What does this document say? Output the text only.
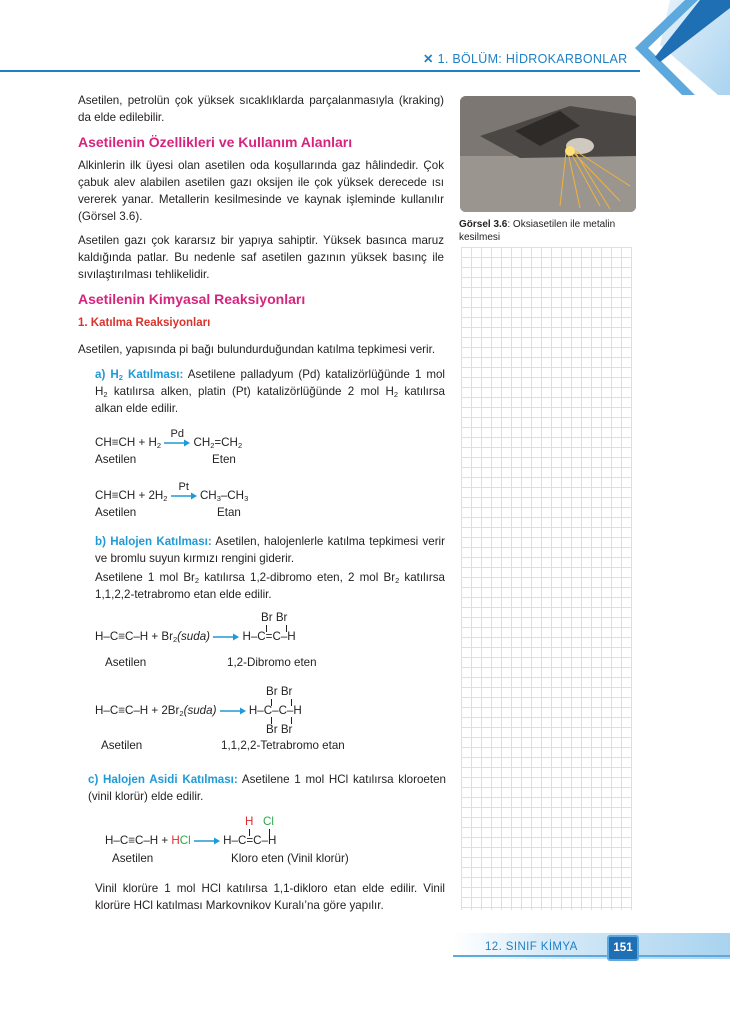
✕ 1. BÖLÜM: HİDROKARBONLAR

Asetilen, petrolün çok yüksek sıcaklıklarda parçalanmasıyla (kraking) da elde edilebilir.

Asetilenin Özellikleri ve Kullanım Alanları

Alkinlerin ilk üyesi olan asetilen oda koşullarında gaz hâlindedir. Çok çabuk alev alabilen asetilen gazı oksijen ile çok yüksek derecede ısı vererek yanar. Metallerin kesilmesinde ve kaynak işleminde kullanılır (Görsel 3.6).

Asetilen gazı çok kararsız bir yapıya sahiptir. Yüksek basınca maruz kaldığında patlar. Bu nedenle saf asetilen gazının yüksek basınç ile sıvılaştırılması tehlikelidir.

Görsel 3.6: Oksiasetilen ile metalin kesilmesi
Asetilenin Kimyasal Reaksiyonları
1. Katılma Reaksiyonları

Asetilen, yapısında pi bağı bulundurduğundan katılma tepkimesi verir.

a) $H_2$ Katılması: Asetilene palladyum (Pd) katalizörlüğünde 1 mol $H_2$ katılırsa alken, platin (Pt) katalizörlüğünde 2 mol $H_2$ katılırsa alkan elde edilir.

$CH\equiv CH + H_2$
Pd
$CH_2=CH_2$
Asetilen	Eten
$CH\equiv CH + 2H_2$
Pt
$CH_3-CH_3$
Asetilen	Etan

b) Halojen Katılması: Asetilen, halojenlerle katılma tepkimesi verir ve bromlu suyun kırmızı rengini giderir.

Asetilene 1 mol $Br_2$ katılırsa 1,2-dibromo eten, 2 mol $Br_2$ katılırsa 1,1,2,2-tetrabromo etan elde edilir.

Br Br
$H-C\equiv C-H + Br_2(suda) \to H-C=C-H$
Asetilen	1,2-Dibromo eten
Br Br
$H-C\equiv C-H + 2Br_2(suda) \to H-C-C-H$
Br Br
Asetilen	1,1,2,2-Tetrabromo etan

c) Halojen Asidi Katılması: Asetilene 1 mol HCl katılırsa kloroeten (vinil klorür) elde edilir.

H Cl
H–C≡C–H + HCl → H–C=C–H
Asetilen	Kloro eten (Vinil klorür)

Vinil klorüre 1 mol HCl katılırsa 1,1-dikloro etan elde edilir. Vinil klorüre HCl katılması Markovnikov Kuralı’na göre yapılır.

12. SINIF KİMYA	151
